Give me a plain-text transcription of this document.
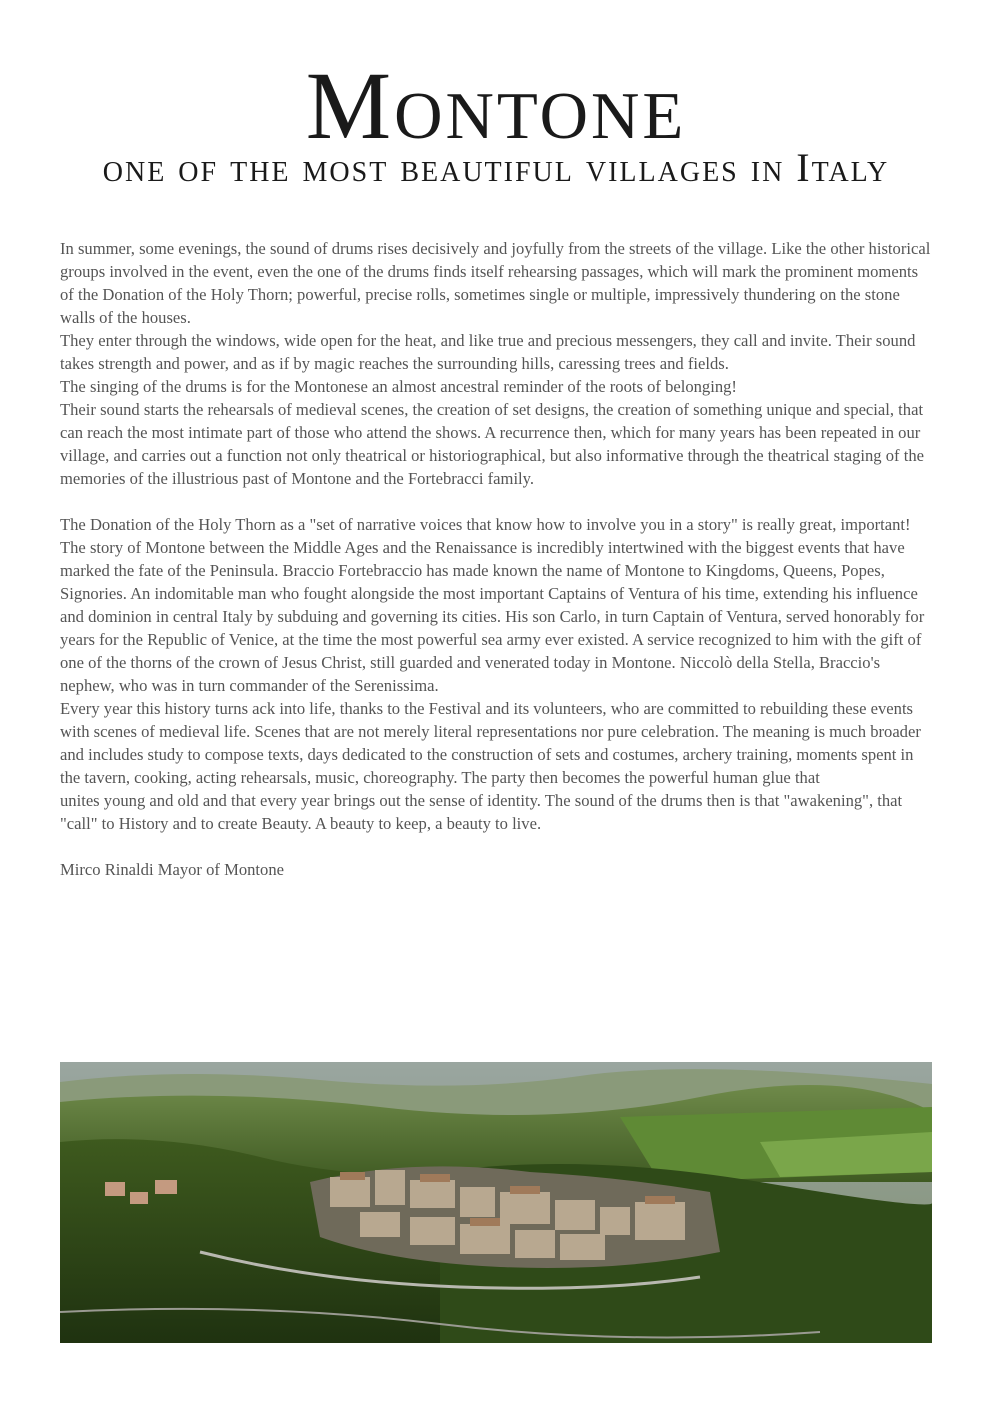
Montone
one of the most beautiful villages in Italy

In summer, some evenings, the sound of drums rises decisively and joyfully from the streets of the village. Like the other historical groups involved in the event, even the one of the drums finds itself rehearsing passages, which will mark the prominent moments of the Donation of the Holy Thorn; powerful, precise rolls, sometimes single or multiple, impressively thundering on the stone walls of the houses.

They enter through the windows, wide open for the heat, and like true and precious messengers, they call and invite. Their sound takes strength and power, and as if by magic reaches the surrounding hills, caressing trees and fields.

The singing of the drums is for the Montonese an almost ancestral reminder of the roots of belonging!

Their sound starts the rehearsals of medieval scenes, the creation of set designs, the creation of something unique and special, that can reach the most intimate part of those who attend the shows. A recurrence then, which for many years has been repeated in our village, and carries out a function not only theatrical or historiographical, but also informative through the theatrical staging of the memories of the illustrious past of Montone and the Fortebracci family.

The Donation of the Holy Thorn as a "set of narrative voices that know how to involve you in a story" is really great, important! The story of Montone between the Middle Ages and the Renaissance is incredibly intertwined with the biggest events that have marked the fate of the Peninsula. Braccio Fortebraccio has made known the name of Montone to Kingdoms, Queens, Popes, Signories. An indomitable man who fought alongside the most important Captains of Ventura of his time, extending his influence and dominion in central Italy by subduing and governing its cities. His son Carlo, in turn Captain of Ventura, served honorably for years for the Republic of Venice, at the time the most powerful sea army ever existed. A service recognized to him with the gift of one of the thorns of the crown of Jesus Christ, still guarded and venerated today in Montone. Niccolò della Stella, Braccio's nephew, who was in turn commander of the Serenissima.

Every year this history turns ack into life, thanks to the Festival and its volunteers, who are committed to rebuilding these events with scenes of medieval life. Scenes that are not merely literal representations nor pure celebration. The meaning is much broader and includes study to compose texts, days dedicated to the construction of sets and costumes, archery training, moments spent in the tavern, cooking, acting rehearsals, music, choreography. The party then becomes the powerful human glue that

unites young and old and that every year brings out the sense of identity. The sound of the drums then is that "awakening", that "call" to History and to create Beauty. A beauty to keep, a beauty to live.

Mirco Rinaldi Mayor of Montone
